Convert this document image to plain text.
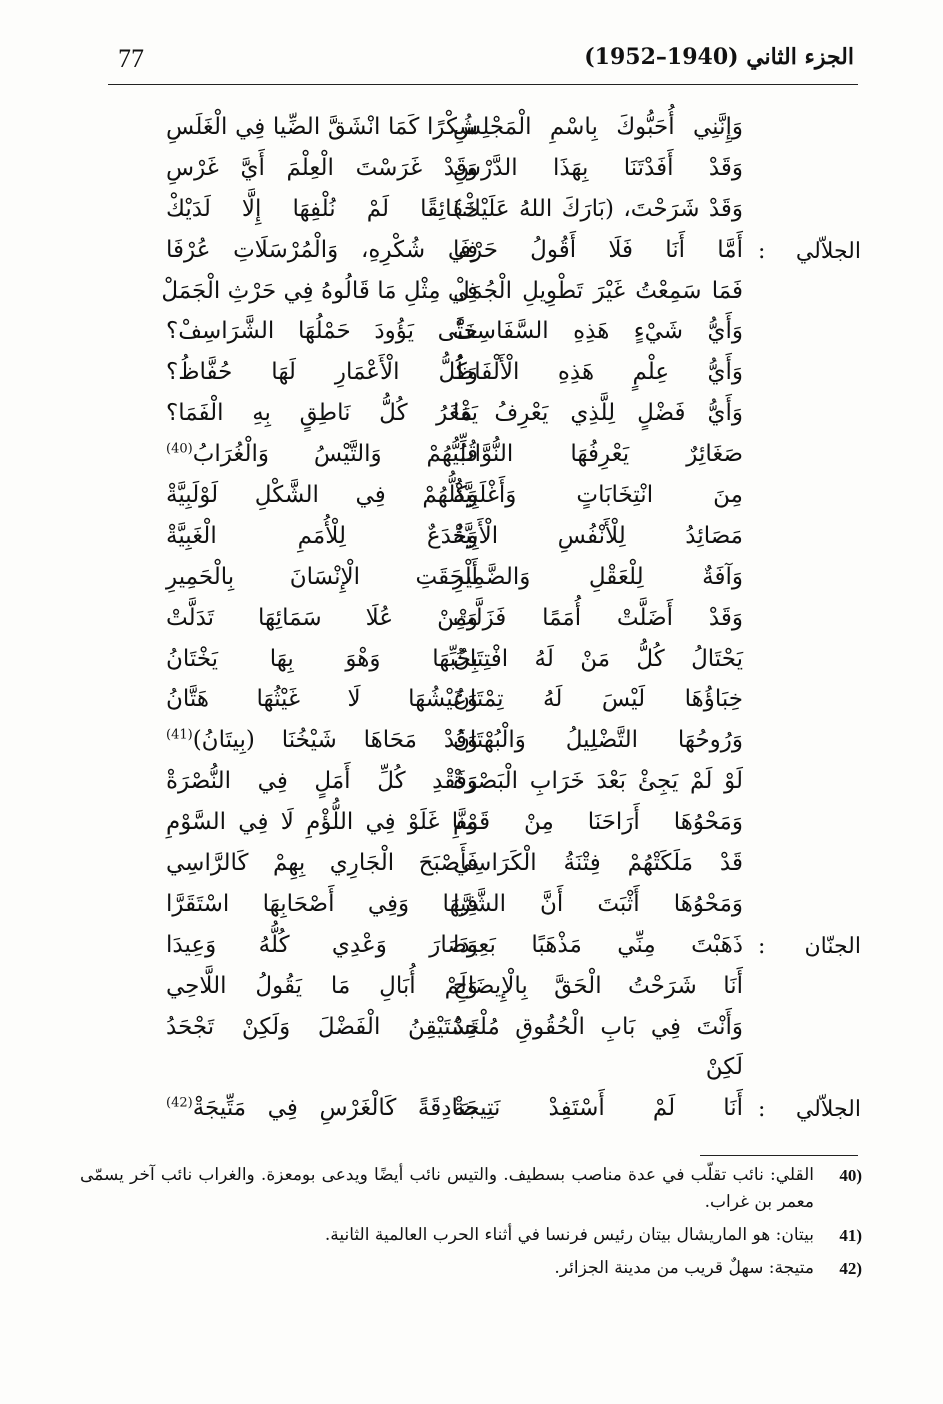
77	الجزء الثاني (1940–1952)
وَإِنَّنِي أُحَبُّوكَ بِاسْمِ الْمَجْلِسِ
شُكْرًا كَمَا انْشَقَّ الضِّيا فِي الْغَلَسِ
وَقَدْ أَفَدْتَنَا بِهَذَا الدَّرْسِ
وَقَدْ غَرَسْتَ الْعِلْمَ أَيَّ غَرْسِ
وَقَدْ شَرَحْتَ، (بَارَكَ اللهُ عَلَيْكْ)
حَقَائِقًا لَمْ نُلْفِهَا إِلَّا لَدَيْكْ
الجلاّلي
:
أَمَّا أَنَا فَلَا أَقُولُ حَرْفَا
فِي شُكْرِهِ، وَالْمُرْسَلَاتِ عُرْفَا
فَمَا سَمِعْتُ غَيْرَ تَطْوِيلِ الْجُمَلْ
فِي مِثْلِ مَا قَالُوهُ فِي حَرْثِ الْجَمَلْ
وَأَيُّ شَيْءٍ هَذِهِ السَّفَاسِفْ
حَتَّى يَؤُودَ حَمْلُهَا الشَّرَاسِفْ؟
وَأَيُّ عِلْمٍ هَذِهِ الْأَلْفَاظُ
وَكُلُّ الْأَعْمَارِ لَهَا حُفَّاظُ؟
وَأَيُّ فَضْلٍ لِلَّذِي يَعْرِفُ مَا
يَفْغَرُ كُلُّ نَاطِقٍ بِهِ الْفَمَا؟
صَغَائِرٌ يَعْرِفُهَا النُّوَّابُ
قُلِّيُّهُمْ وَالتَّيْسُ وَالْغُرَابُ$^{(40)}$
مِنَ انْتِخَابَاتٍ وَأَغْلَبِيَّةْ
وَكُلُّهُمْ فِي الشَّكْلِ لَوْلَبِيَّةْ
مَصَائِدُ لِلْأَنْفُسِ الْأَبِيَّةْ
وَخُدَعٌ لِلْأُمَمِ الْغَبِيَّةْ
وَآفَةٌ لِلْعَقْلِ وَالضَّمِيرِ
أَلْحَقَتِ الْإِنْسَانَ بِالْحَمِيرِ
وَقَدْ أَضَلَّتْ أُمَمًا فَزَلَّتْ
وَمِنْ عُلَا سَمَائِهَا تَدَلَّتْ
يَحْتَالُ كُلُّ مَنْ لَهُ افْتِتَانُ
بِحُبِّهَا وَهْوَ بِهَا يَخْتَانُ
خِبَاؤُهَا لَيْسَ لَهُ تِمْتَانُ
وَعَيْشُهَا لَا غَيْثُهَا هَتَّانُ
وَرُوحُهَا التَّضْلِيلُ وَالْبُهْتَانُ
وَقَدْ مَحَاهَا شَيْخُنَا (بِيتَانُ)$^{(41)}$
لَوْ لَمْ يَجِئْ بَعْدَ خَرَابِ الْبَصْرَةْ
وَفَقْدِ كُلِّ أَمَلٍ فِي النُّصْرَةْ
وَمَحْوُهَا أَرَاحَنَا مِنْ قَوْمِ
مِنَّا غَلَوْ فِي اللُّؤْمِ لَا فِي السَّوْمِ
قَدْ مَلَكَتْهُمْ فِتْنَةُ الْكَرَاسِي
فَأَصْبَحَ الْجَارِي بِهِمْ كَالرَّاسِي
وَمَحْوُهَا أَثْبَتَ أَنَّ الشَّرَّا
فِيهَا وَفِي أَصْحَابِهَا اسْتَقَرَّا
الجنّان
:
ذَهَبْتَ مِنِّي مَذْهَبًا بَعِيدَا
وَصَارَ وَعْدِي كُلُّهُ وَعِيدَا
أَنَا شَرَحْتُ الْحَقَّ بِالْإِيضَاحِ
وَلَمْ أُبَالِ مَا يَقُولُ اللَّاحِي
وَأَنْتَ فِي بَابِ الْحُقُوقِ مُلْحِدُ
تَسْتَيْقِنُ الْفَضْلَ وَلَكِنْ تَجْحَدُ
لَكِنْ
الجلاّلي
:
أَنَا لَمْ أَسْتَفِدْ نَتِيجَةْ
صَادِقَةً كَالْغَرْسِ فِي مَتِّيجَةْ$^{(42)}$
40)
القلي: نائب تقلّب في عدة مناصب بسطيف. والتيس نائب أيضًا ويدعى بومعزة. والغراب نائب آخر يسمّى معمر بن غراب.
41)
بيتان: هو الماريشال بيتان رئيس فرنسا في أثناء الحرب العالمية الثانية.
42)
متيجة: سهلٌ قريب من مدينة الجزائر.
